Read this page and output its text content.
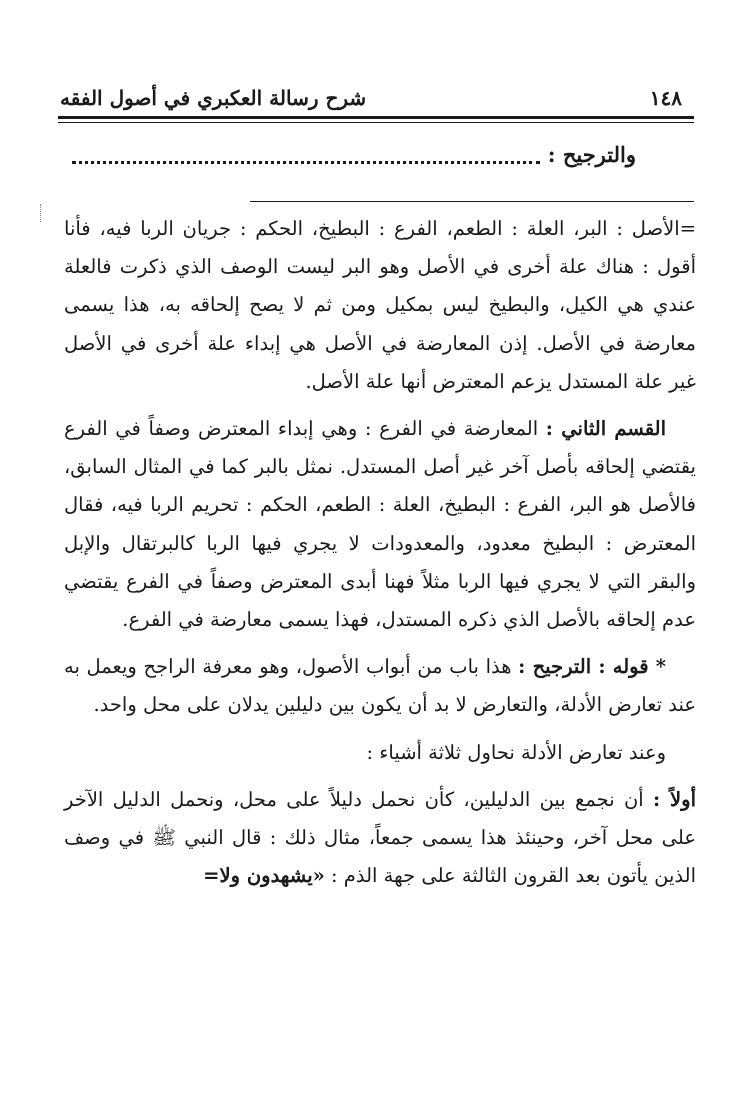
١٤٨
شرح رسالة العكبري في أصول الفقه
والترجيح :

=الأصل : البر، العلة : الطعم، الفرع : البطيخ، الحكم : جريان الربا فيه، فأنا أقول : هناك علة أخرى في الأصل وهو البر ليست الوصف الذي ذكرت فالعلة عندي هي الكيل، والبطيخ ليس بمكيل ومن ثم لا يصح إلحاقه به، هذا يسمى معارضة في الأصل. إذن المعارضة في الأصل هي إبداء علة أخرى في الأصل غير علة المستدل يزعم المعترض أنها علة الأصل.

القسم الثاني : المعارضة في الفرع : وهي إبداء المعترض وصفاً في الفرع يقتضي إلحاقه بأصل آخر غير أصل المستدل. نمثل بالبر كما في المثال السابق، فالأصل هو البر، الفرع : البطيخ، العلة : الطعم، الحكم : تحريم الربا فيه، فقال المعترض : البطيخ معدود، والمعدودات لا يجري فيها الربا كالبرتقال والإبل والبقر التي لا يجري فيها الربا مثلاً فهنا أبدى المعترض وصفاً في الفرع يقتضي عدم إلحاقه بالأصل الذي ذكره المستدل، فهذا يسمى معارضة في الفرع.

* قوله : الترجيح : هذا باب من أبواب الأصول، وهو معرفة الراجح ويعمل به عند تعارض الأدلة، والتعارض لا بد أن يكون بين دليلين يدلان على محل واحد.

وعند تعارض الأدلة نحاول ثلاثة أشياء :

أولاً : أن نجمع بين الدليلين، كأن نحمل دليلاً على محل، ونحمل الدليل الآخر على محل آخر، وحينئذ هذا يسمى جمعاً، مثال ذلك : قال النبي ﷺ في وصف الذين يأتون بعد القرون الثالثة على جهة الذم : «يشهدون ولا=
